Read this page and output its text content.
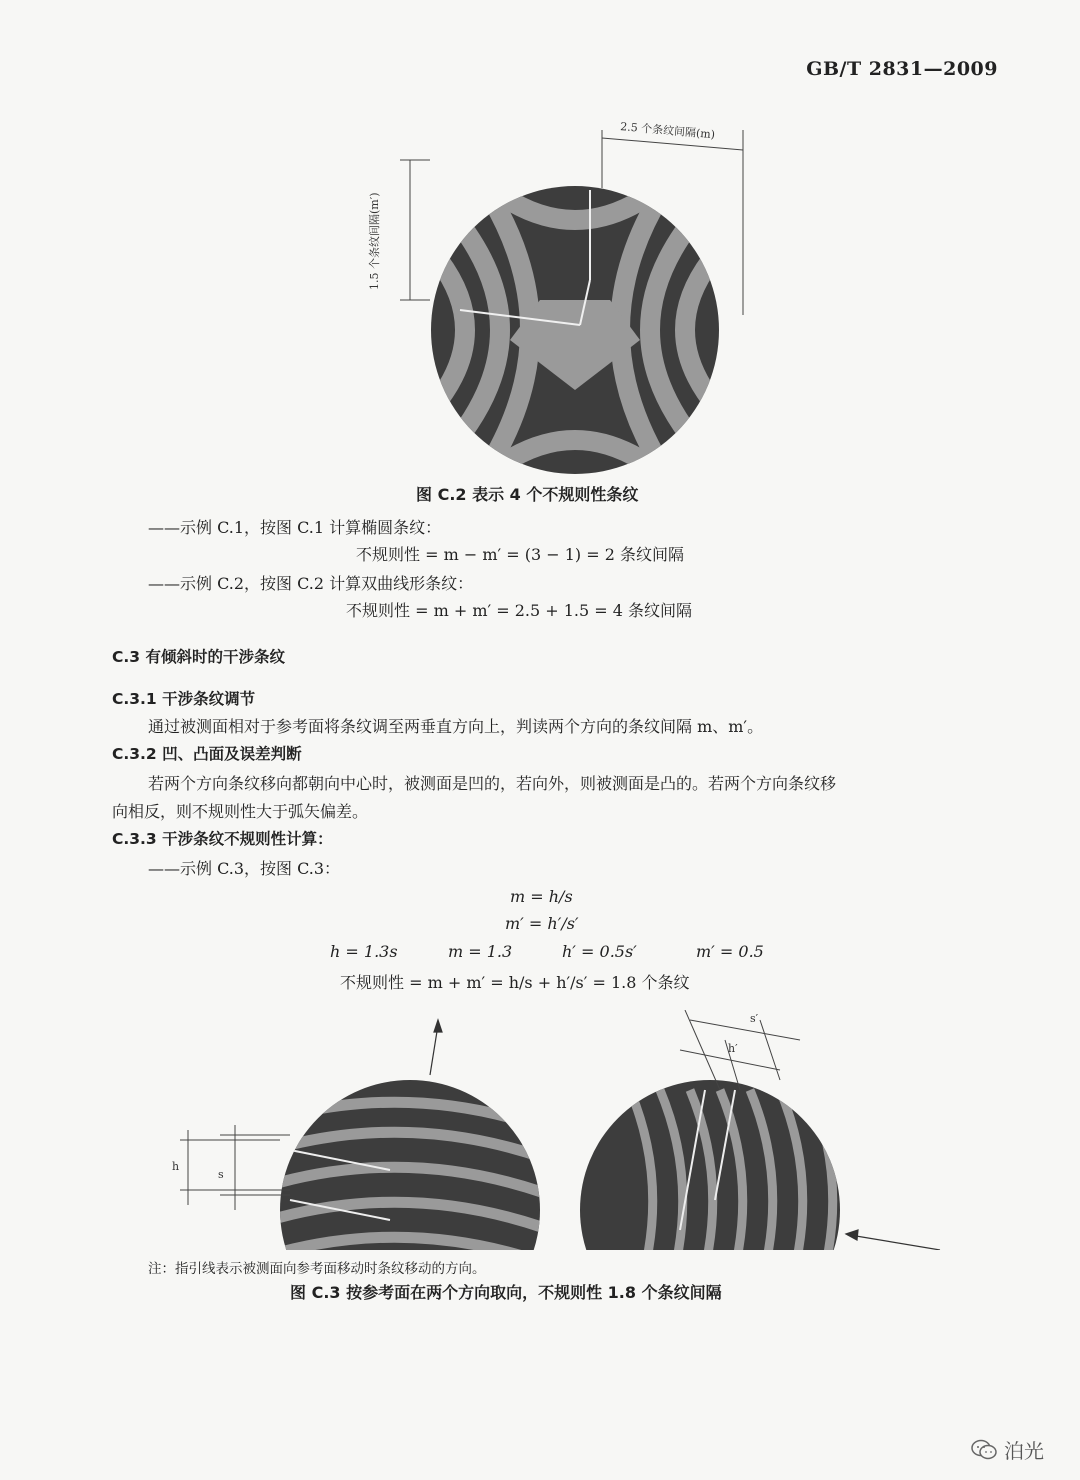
GB/T 2831—2009
2.5 个条纹间隔(m)
1.5 个条纹间隔(m′)
图 C.2 表示 4 个不规则性条纹
——示例 C.1，按图 C.1 计算椭圆条纹：
不规则性 = m − m′ = (3 − 1) = 2 条纹间隔
——示例 C.2，按图 C.2 计算双曲线形条纹：
不规则性 = m + m′ = 2.5 + 1.5 = 4 条纹间隔
C.3 有倾斜时的干涉条纹
C.3.1 干涉条纹调节
通过被测面相对于参考面将条纹调至两垂直方向上，判读两个方向的条纹间隔 m、m′。
C.3.2 凹、凸面及误差判断
若两个方向条纹移向都朝向中心时，被测面是凹的，若向外，则被测面是凸的。若两个方向条纹移
向相反，则不规则性大于弧矢偏差。
C.3.3 干涉条纹不规则性计算：
——示例 C.3，按图 C.3：
m = h/s
m′ = h′/s′
h = 1.3s	m = 1.3	h′ = 0.5s′	m′ = 0.5
不规则性 = m + m′ = h/s + h′/s′ = 1.8 个条纹
h
s
s′
h′
注：指引线表示被测面向参考面移动时条纹移动的方向。
图 C.3 按参考面在两个方向取向，不规则性 1.8 个条纹间隔
泊光
